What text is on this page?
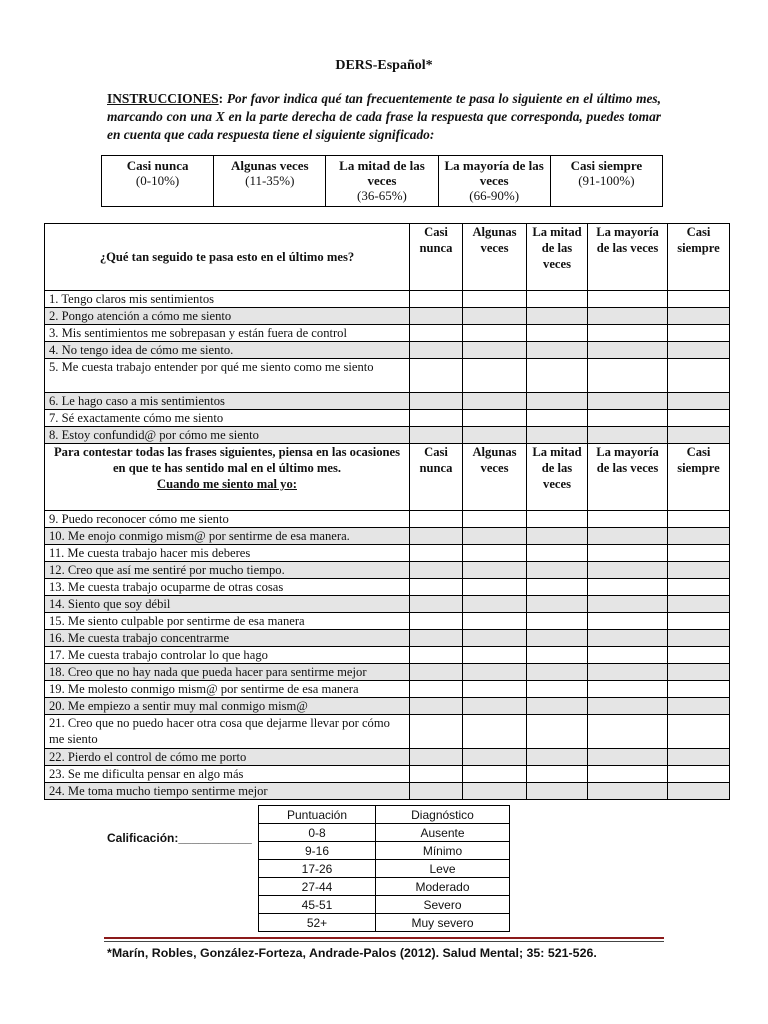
DERS-Español*
INSTRUCCIONES: Por favor indica qué tan frecuentemente te pasa lo siguiente en el último mes, marcando con una X en la parte derecha de cada frase la respuesta que corresponda, puedes tomar en cuenta que cada respuesta tiene el siguiente significado:
Casi nunca
(0-10%)	
Algunas veces
(11-35%)	
La mitad de las veces
(36-65%)	
La mayoría de las veces
(66-90%)	
Casi siempre
(91-100%)
¿Qué tan seguido te pasa esto en el último mes?	Casi nunca	Algunas veces	La mitad de las veces	La mayoría de las veces	Casi siempre
1. Tengo claros mis sentimientos					
2. Pongo atención a cómo me siento					
3. Mis sentimientos me sobrepasan y están fuera de control					
4. No tengo idea de cómo me siento.					
5. Me cuesta trabajo entender por qué me siento como me siento					
6. Le hago caso a mis sentimientos					
7. Sé exactamente cómo me siento					
8. Estoy confundid@ por cómo me siento					
Para contestar todas las frases siguientes, piensa en las ocasiones en que te has sentido mal en el último mes.
Cuando me siento mal yo:	Casi nunca	Algunas veces	La mitad de las veces	La mayoría de las veces	Casi siempre
9. Puedo reconocer cómo me siento					
10. Me enojo conmigo mism@ por sentirme de esa manera.					
11. Me cuesta trabajo hacer mis deberes					
12. Creo que así me sentiré por mucho tiempo.					
13. Me cuesta trabajo ocuparme de otras cosas					
14. Siento que soy débil					
15. Me siento culpable por sentirme de esa manera					
16. Me cuesta trabajo concentrarme					
17. Me cuesta trabajo controlar lo que hago					
18. Creo que no hay nada que pueda hacer para sentirme mejor					
19. Me molesto conmigo mism@ por sentirme de esa manera					
20. Me empiezo a sentir muy mal conmigo mism@					
21. Creo que no puedo hacer otra cosa que dejarme llevar por cómo me siento					
22. Pierdo el control de cómo me porto					
23. Se me dificulta pensar en algo más					
24. Me toma mucho tiempo sentirme mejor					
Calificación:___________
Puntuación	Diagnóstico
0-8	Ausente
9-16	Mínimo
17-26	Leve
27-44	Moderado
45-51	Severo
52+	Muy severo
*Marín, Robles, González-Forteza, Andrade-Palos (2012). Salud Mental; 35: 521-526.
